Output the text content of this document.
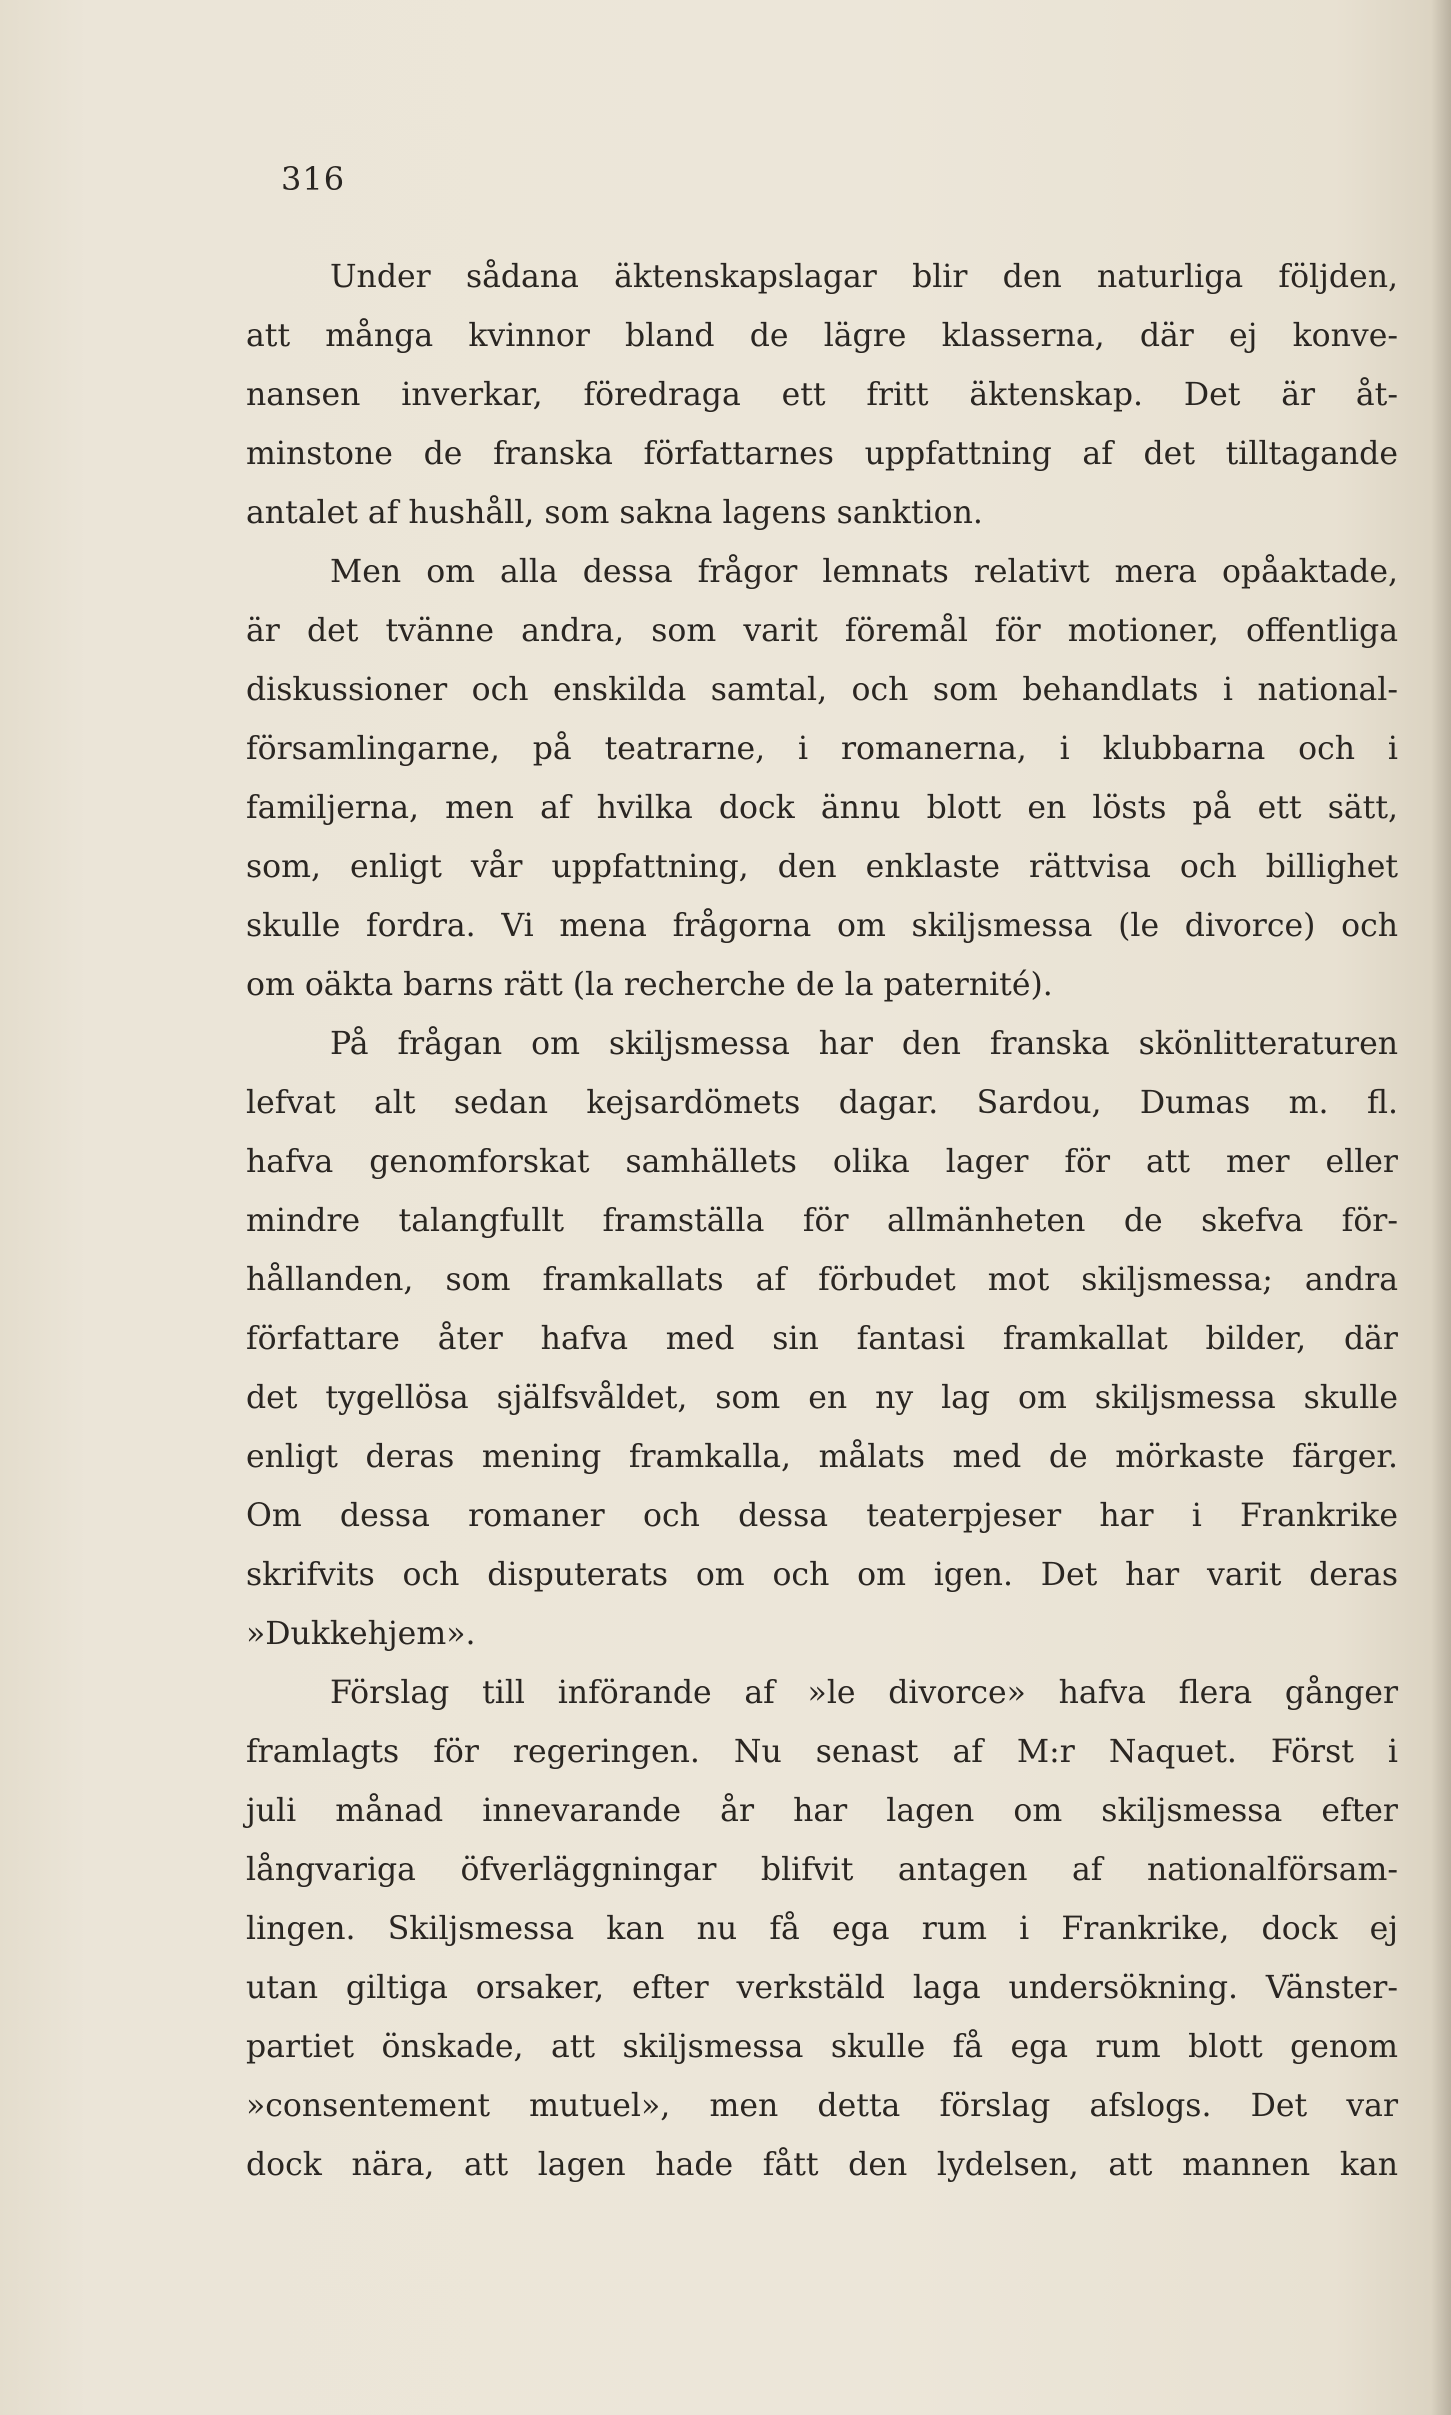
316
Under sådana äktenskapslagar blir den naturliga följden,
att många kvinnor bland de lägre klasserna, där ej konve-
nansen inverkar, föredraga ett fritt äktenskap. Det är åt-
minstone de franska författarnes uppfattning af det tilltagande
antalet af hushåll, som sakna lagens sanktion.
Men om alla dessa frågor lemnats relativt mera opåaktade,
är det tvänne andra, som varit föremål för motioner, offentliga
diskussioner och enskilda samtal, och som behandlats i national-
församlingarne, på teatrarne, i romanerna, i klubbarna och i
familjerna, men af hvilka dock ännu blott en lösts på ett sätt,
som, enligt vår uppfattning, den enklaste rättvisa och billighet
skulle fordra. Vi mena frågorna om skiljsmessa (le divorce) och
om oäkta barns rätt (la recherche de la paternité).
På frågan om skiljsmessa har den franska skönlitteraturen
lefvat alt sedan kejsardömets dagar. Sardou, Dumas m. fl.
hafva genomforskat samhällets olika lager för att mer eller
mindre talangfullt framställa för allmänheten de skefva för-
hållanden, som framkallats af förbudet mot skiljsmessa; andra
författare åter hafva med sin fantasi framkallat bilder, där
det tygellösa själfsvåldet, som en ny lag om skiljsmessa skulle
enligt deras mening framkalla, målats med de mörkaste färger.
Om dessa romaner och dessa teaterpjeser har i Frankrike
skrifvits och disputerats om och om igen. Det har varit deras
»Dukkehjem».
Förslag till införande af »le divorce» hafva flera gånger
framlagts för regeringen. Nu senast af M:r Naquet. Först i
juli månad innevarande år har lagen om skiljsmessa efter
långvariga öfverläggningar blifvit antagen af nationalförsam-
lingen. Skiljsmessa kan nu få ega rum i Frankrike, dock ej
utan giltiga orsaker, efter verkstäld laga undersökning. Vänster-
partiet önskade, att skiljsmessa skulle få ega rum blott genom
»consentement mutuel», men detta förslag afslogs. Det var
dock nära, att lagen hade fått den lydelsen, att mannen kan
